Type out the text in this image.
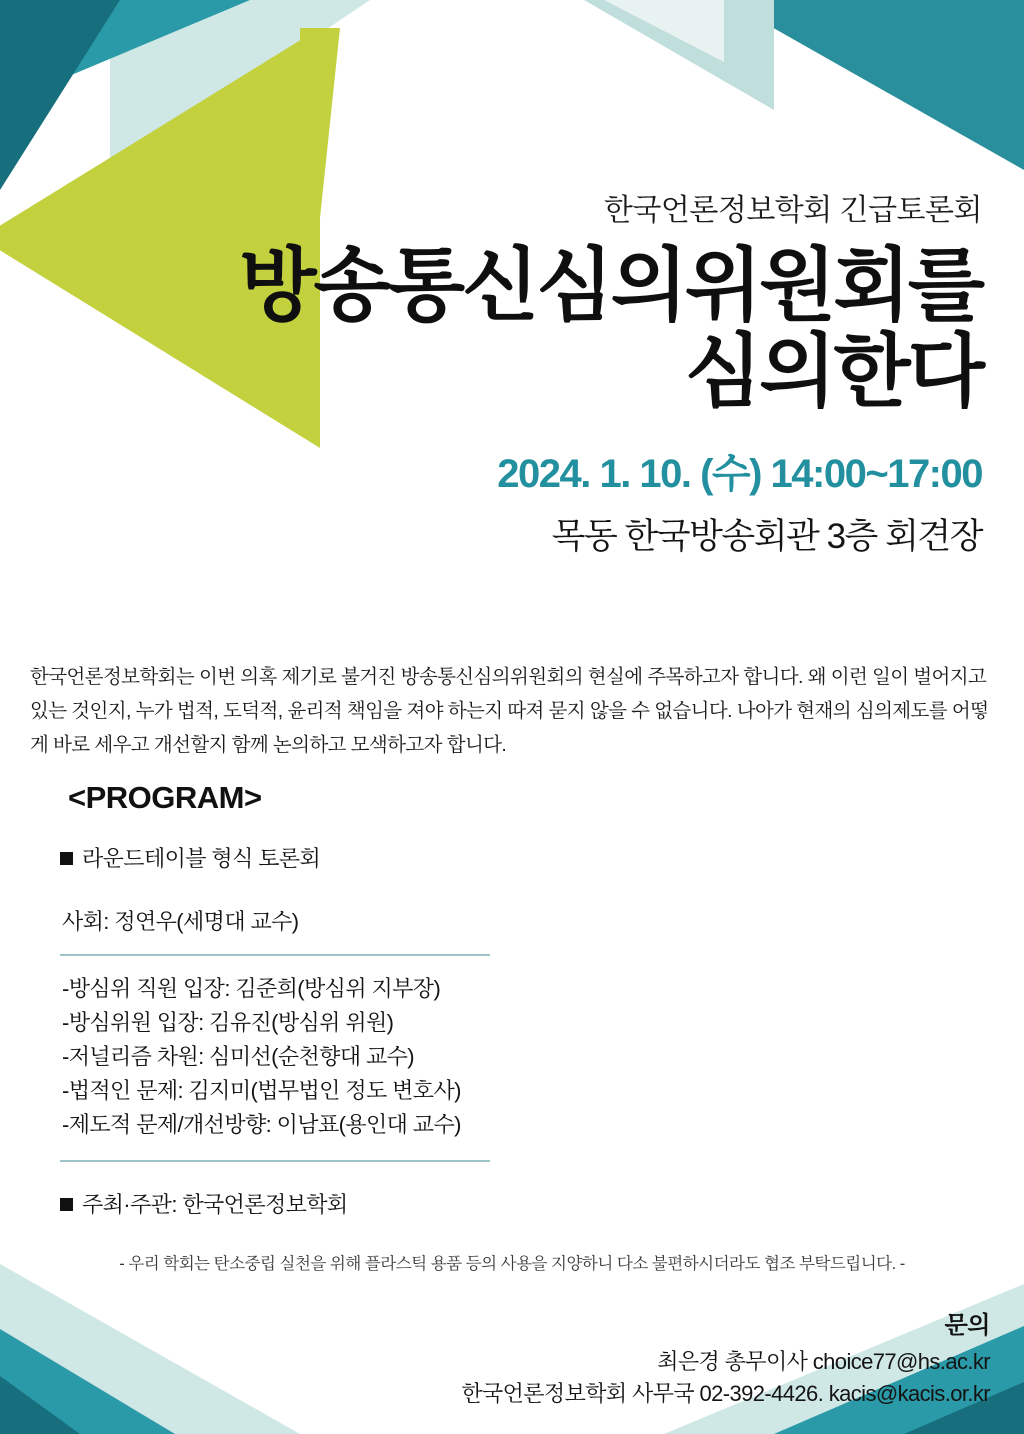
한국언론정보학회 긴급토론회
방송통신심의위원회를
심의한다
2024. 1. 10. (수) 14:00~17:00
목동 한국방송회관 3층 회견장

한국언론정보학회는 이번 의혹 제기로 불거진 방송통신심의위원회의 현실에 주목하고자 합니다. 왜 이런 일이 벌어지고 있는 것인지, 누가 법적, 도덕적, 윤리적 책임을 져야 하는지 따져 묻지 않을 수 없습니다. 나아가 현재의 심의제도를 어떻게 바로 세우고 개선할지 함께 논의하고 모색하고자 합니다.

<PROGRAM>
라운드테이블 형식 토론회
사회: 정연우(세명대 교수)
-방심위 직원 입장: 김준희(방심위 지부장)
-방심위원 입장: 김유진(방심위 위원)
-저널리즘 차원: 심미선(순천향대 교수)
-법적인 문제: 김지미(법무법인 정도 변호사)
-제도적 문제/개선방향: 이남표(용인대 교수)
주최·주관: 한국언론정보학회
- 우리 학회는 탄소중립 실천을 위해 플라스틱 용품 등의 사용을 지양하니 다소 불편하시더라도 협조 부탁드립니다. -
문의
최은경 총무이사 choice77@hs.ac.kr
한국언론정보학회 사무국 02-392-4426. kacis@kacis.or.kr
